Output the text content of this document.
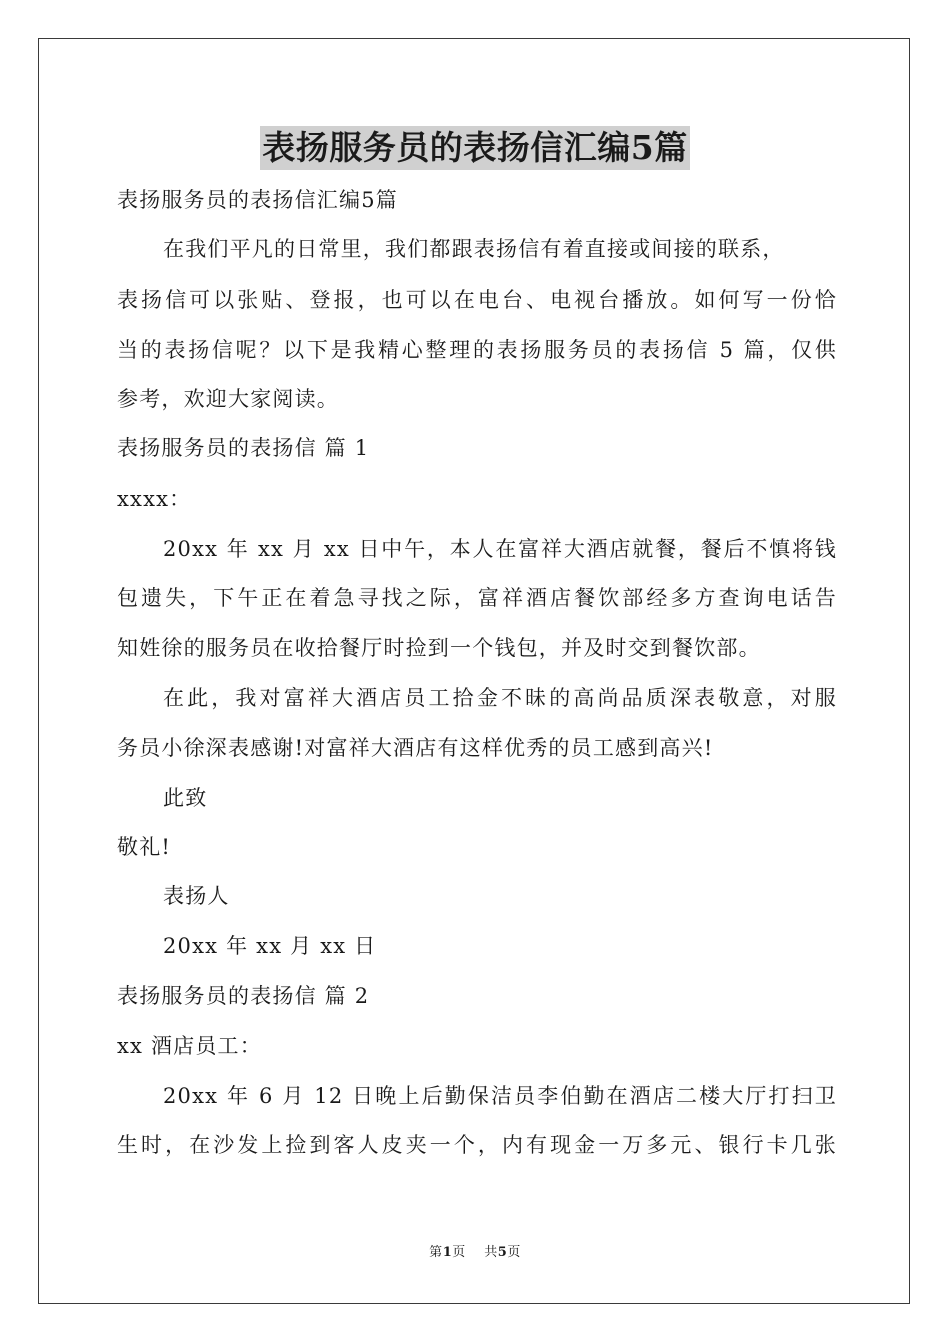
表扬服务员的表扬信汇编5篇
表扬服务员的表扬信汇编5篇
在我们平凡的日常里，我们都跟表扬信有着直接或间接的联系，
表扬信可以张贴、登报，也可以在电台、电视台播放。如何写一份恰
当的表扬信呢？以下是我精心整理的表扬服务员的表扬信 5 篇，仅供
参考，欢迎大家阅读。
表扬服务员的表扬信 篇 1
xxxx：
20xx 年 xx 月 xx 日中午，本人在富祥大酒店就餐，餐后不慎将钱
包遗失，下午正在着急寻找之际，富祥酒店餐饮部经多方查询电话告
知姓徐的服务员在收拾餐厅时捡到一个钱包，并及时交到餐饮部。
在此，我对富祥大酒店员工拾金不昧的高尚品质深表敬意，对服
务员小徐深表感谢!对富祥大酒店有这样优秀的员工感到高兴!
此致
敬礼!
表扬人
20xx 年 xx 月 xx 日
表扬服务员的表扬信 篇 2
xx 酒店员工：
20xx 年 6 月 12 日晚上后勤保洁员李伯勤在酒店二楼大厅打扫卫
生时，在沙发上捡到客人皮夹一个，内有现金一万多元、银行卡几张
第1页    共5页
